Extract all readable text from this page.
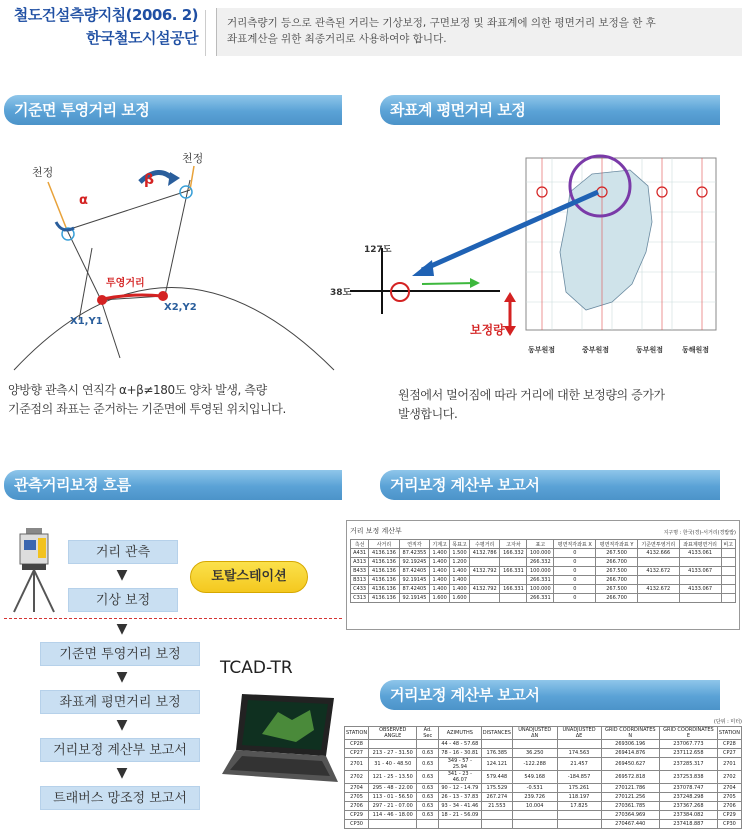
철도건설측량지침(2006. 2)
한국철도시설공단
거리측량기 등으로 관측된 거리는 기상보정, 구면보정 및 좌표계에 의한 평면거리 보정을 한 후
좌표계산을 위한 최종거리로 사용하여야 합니다.
기준면 투영거리 보정
천정
천정
α
β
투영거리
X1,Y1
X2,Y2
양방향 관측시 연직각 α+β≠180도 양차 발생, 측량
기준점의 좌표는 준거하는 기준면에 투영된 위치입니다.
좌표계 평면거리 보정
127도
38도
보정량
동부원점	중부원점	동부원점	동해원점
원점에서 멀어짐에 따라 거리에 대한 보정량의 증가가
발생합니다.
관측거리보정 흐름
거리 관측
▼
기상 보정
토탈스테이션
▼
기준면 투영거리 보정
▼
좌표계 평면거리 보정
▼
거리보정 계산부 보고서
▼
트래버스 망조정 보고서
TCAD-TR
거리보정 계산부 보고서
거리 보정 계산부	지구명 : 한국(경)-서거리(경밥밥)
측선	사거리	연직각	기계고	목표고	수평거리	고자차	표고	평면직각좌표 X	평면직각좌표 Y	기준면투영거리	좌표계평면거리	비고
A431	4136.136	87.42355	1.400	1.500	4132.786	166.332	100.000	0	267.500	4132.666	4133.061	
A313	4136.136	92.19245	1.400	1.200			266.332	0	266.700			
B433	4136.136	87.42405	1.400	1.400	4132.792	166.331	100.000	0	267.500	4132.672	4133.067	
B313	4136.136	92.19145	1.400	1.400			266.331	0	266.700			
C433	4136.136	87.42405	1.400	1.400	4132.792	166.331	100.000	0	267.500	4132.672	4133.067	
C313	4136.136	92.19145	1.600	1.600			266.331	0	266.700			
거리보정 계산부 보고서
(단위 : 미터)
STATION	OBSERVED ANGLE	Ad. Sec	AZIMUTHS	DISTANCES	UNADJUSTED ΔN	UNADJUSTED ΔE	GRID COORDINATES N	GRID COORDINATES E	STATION
CP28			44 - 48 - 57.68				269306.196	237067.773	CP28
CP27	213 - 27 - 31.50	0.63	78 - 16 - 30.81	176.385	36.250	174.563	269414.876	237112.658	CP27
2701	31 - 40 - 48.50	0.63	349 - 57 - 25.94	124.121	-122.288	21.457	269450.627	237285.317	2701
2702	121 - 25 - 13.50	0.63	341 - 23 - 46.07	579.448	549.168	-184.857	269572.818	237253.838	2702
2704	295 - 48 - 22.00	0.63	90 - 12 - 14.79	175.529	-0.531	175.261	270121.786	237078.747	2704
2705	113 - 01 - 56.50	0.63	26 - 13 - 37.83	267.274	239.726	118.197	270121.256	237248.298	2705
2706	297 - 21 - 07.00	0.63	93 - 34 - 41.46	21.553	10.004	17.825	270361.785	237367.268	2706
CP29	114 - 46 - 18.00	0.63	18 - 21 - 56.09				270364.969	237384.082	CP29
CP30							270467.440	237418.887	CP30
